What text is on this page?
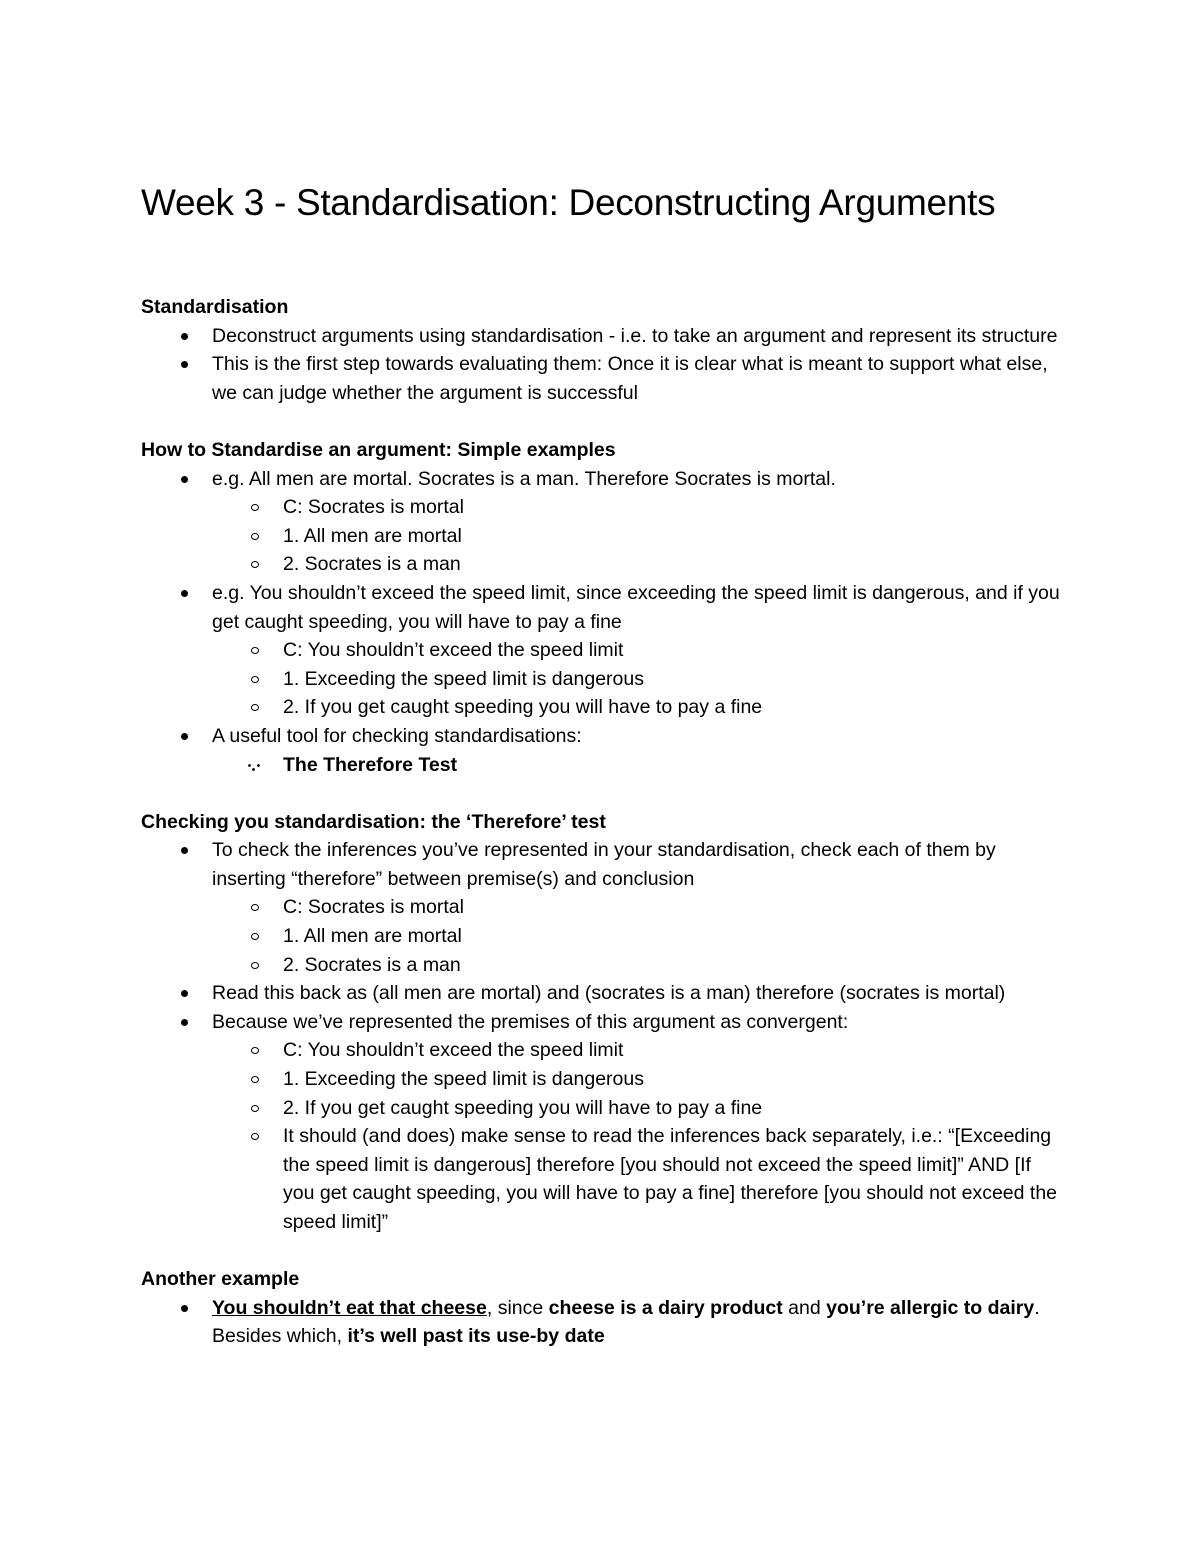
Week 3 - Standardisation: Deconstructing Arguments
Standardisation
Deconstruct arguments using standardisation - i.e. to take an argument and represent its structure
This is the first step towards evaluating them: Once it is clear what is meant to support what else, we can judge whether the argument is successful
How to Standardise an argument: Simple examples
e.g. All men are mortal. Socrates is a man. Therefore Socrates is mortal.
C: Socrates is mortal
1. All men are mortal
2. Socrates is a man
e.g. You shouldn’t exceed the speed limit, since exceeding the speed limit is dangerous, and if you get caught speeding, you will have to pay a fine
C: You shouldn’t exceed the speed limit
1. Exceeding the speed limit is dangerous
2. If you get caught speeding you will have to pay a fine
A useful tool for checking standardisations:
The Therefore Test
Checking you standardisation: the ‘Therefore’ test
To check the inferences you’ve represented in your standardisation, check each of them by inserting “therefore” between premise(s) and conclusion
C: Socrates is mortal
1. All men are mortal
2. Socrates is a man
Read this back as (all men are mortal) and (socrates is a man) therefore (socrates is mortal)
Because we’ve represented the premises of this argument as convergent:
C: You shouldn’t exceed the speed limit
1. Exceeding the speed limit is dangerous
2. If you get caught speeding you will have to pay a fine
It should (and does) make sense to read the inferences back separately, i.e.: “[Exceeding the speed limit is dangerous] therefore [you should not exceed the speed limit]” AND [If you get caught speeding, you will have to pay a fine] therefore [you should not exceed the speed limit]”
Another example
You shouldn’t eat that cheese, since cheese is a dairy product and you’re allergic to dairy. Besides which, it’s well past its use-by date
